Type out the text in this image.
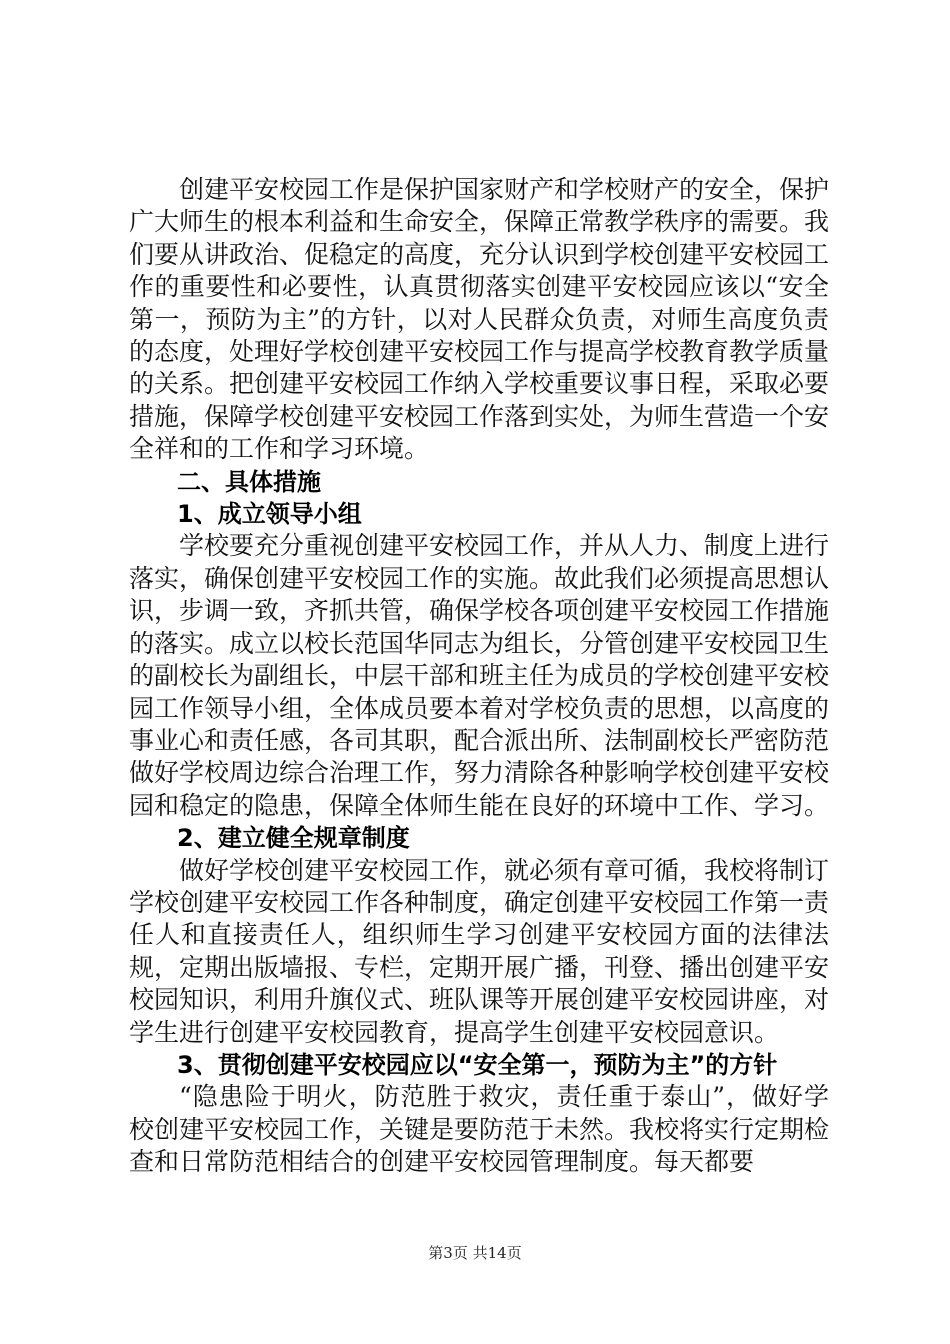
创建平安校园工作是保护国家财产和学校财产的安全，保护广大师生的根本利益和生命安全，保障正常教学秩序的需要。我们要从讲政治、促稳定的高度，充分认识到学校创建平安校园工作的重要性和必要性，认真贯彻落实创建平安校园应该以“安全第一，预防为主”的方针，以对人民群众负责，对师生高度负责的态度，处理好学校创建平安校园工作与提高学校教育教学质量的关系。把创建平安校园工作纳入学校重要议事日程，采取必要措施，保障学校创建平安校园工作落到实处，为师生营造一个安全祥和的工作和学习环境。

二、具体措施

1、成立领导小组

学校要充分重视创建平安校园工作，并从人力、制度上进行落实，确保创建平安校园工作的实施。故此我们必须提高思想认识，步调一致，齐抓共管，确保学校各项创建平安校园工作措施的落实。成立以校长范国华同志为组长，分管创建平安校园卫生的副校长为副组长，中层干部和班主任为成员的学校创建平安校园工作领导小组，全体成员要本着对学校负责的思想，以高度的事业心和责任感，各司其职，配合派出所、法制副校长严密防范做好学校周边综合治理工作，努力清除各种影响学校创建平安校园和稳定的隐患，保障全体师生能在良好的环境中工作、学习。

2、建立健全规章制度

做好学校创建平安校园工作，就必须有章可循，我校将制订学校创建平安校园工作各种制度，确定创建平安校园工作第一责任人和直接责任人，组织师生学习创建平安校园方面的法律法规，定期出版墙报、专栏，定期开展广播，刊登、播出创建平安校园知识，利用升旗仪式、班队课等开展创建平安校园讲座，对学生进行创建平安校园教育，提高学生创建平安校园意识。

3、贯彻创建平安校园应以“安全第一，预防为主”的方针

“隐患险于明火，防范胜于救灾，责任重于泰山”，做好学校创建平安校园工作，关键是要防范于未然。我校将实行定期检查和日常防范相结合的创建平安校园管理制度。每天都要

第3页 共14页
